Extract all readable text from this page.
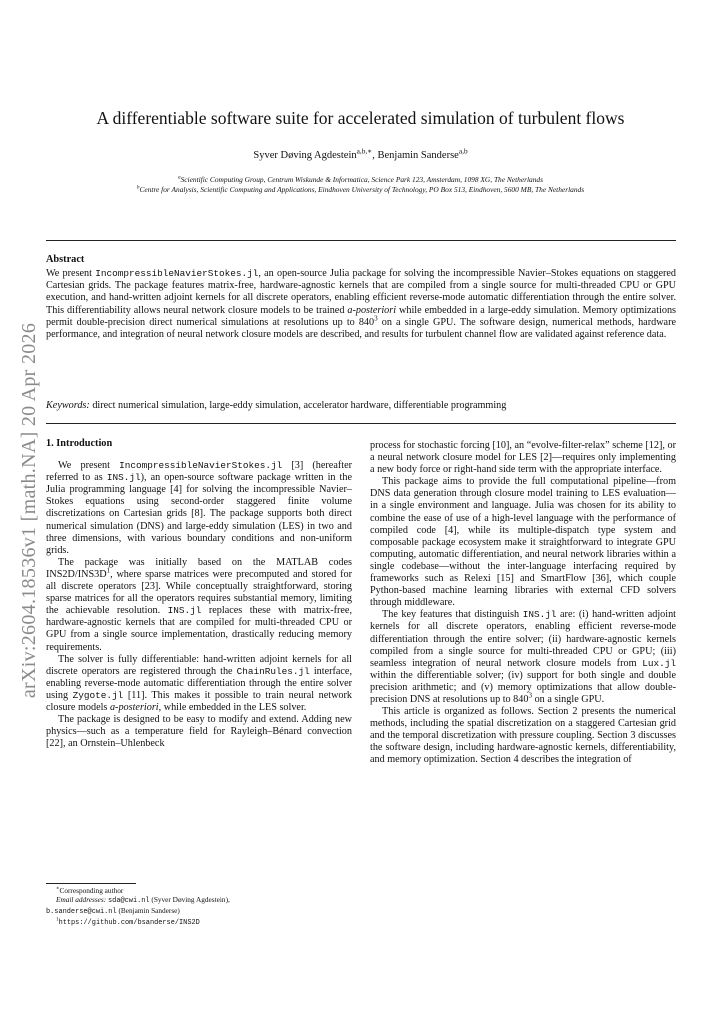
arXiv:2604.18536v1 [math.NA] 20 Apr 2026
A differentiable software suite for accelerated simulation of turbulent flows
Syver Døving Agdestein$^{a,b,∗}$, Benjamin Sanderse$^{a,b}$
$^a$Scientific Computing Group, Centrum Wiskunde & Informatica, Science Park 123, Amsterdam, 1098 XG, The Netherlands
$^b$Centre for Analysis, Scientific Computing and Applications, Eindhoven University of Technology, PO Box 513, Eindhoven, 5600 MB, The Netherlands
Abstract

We present IncompressibleNavierStokes.jl, an open-source Julia package for solving the incompressible Navier–Stokes equations on staggered Cartesian grids. The package features matrix-free, hardware-agnostic kernels that are compiled from a single source for multi-threaded CPU or GPU execution, and hand-written adjoint kernels for all discrete operators, enabling efficient reverse-mode automatic differentiation through the entire solver. This differentiability allows neural network closure models to be trained a-posteriori while embedded in a large-eddy simulation. Memory optimizations permit double-precision direct numerical simulations at resolutions up to $840^3$ on a single GPU. The software design, numerical methods, hardware performance, and integration of neural network closure models are described, and results for turbulent channel flow are validated against reference data.

Keywords: direct numerical simulation, large-eddy simulation, accelerator hardware, differentiable programming
1. Introduction

We present IncompressibleNavierStokes.jl [3] (hereafter referred to as INS.jl), an open-source software package written in the Julia programming language [4] for solving the incompressible Navier–Stokes equations using second-order staggered finite volume discretizations on Cartesian grids [8]. The package supports both direct numerical simulation (DNS) and large-eddy simulation (LES) in two and three dimensions, with various boundary conditions and non-uniform grids.

The package was initially based on the MATLAB codes $INS2D/INS3D^1$, where sparse matrices were precomputed and stored for all discrete operators [23]. While conceptually straightforward, storing sparse matrices for all the operators requires substantial memory, limiting the achievable resolution. INS.jl replaces these with matrix-free, hardware-agnostic kernels that are compiled for multi-threaded CPU or GPU from a single source implementation, drastically reducing memory requirements.

The solver is fully differentiable: hand-written adjoint kernels for all discrete operators are registered through the ChainRules.jl interface, enabling reverse-mode automatic differentiation through the entire solver using Zygote.jl [11]. This makes it possible to train neural network closure models a-posteriori, while embedded in the LES solver.

The package is designed to be easy to modify and extend. Adding new physics—such as a temperature field for Rayleigh–Bénard convection [22], an Ornstein–Uhlenbeck

process for stochastic forcing [10], an “evolve-filter-relax” scheme [12], or a neural network closure model for LES [2]—requires only implementing a new body force or right-hand side term with the appropriate interface.

This package aims to provide the full computational pipeline—from DNS data generation through closure model training to LES evaluation—in a single environment and language. Julia was chosen for its ability to combine the ease of use of a high-level language with the performance of compiled code [4], while its multiple-dispatch type system and composable package ecosystem make it straightforward to integrate GPU computing, automatic differentiation, and neural network libraries within a single codebase—without the inter-language interfacing required by frameworks such as Relexi [15] and SmartFlow [36], which couple Python-based machine learning libraries with external CFD solvers through middleware.

The key features that distinguish INS.jl are: (i) hand-written adjoint kernels for all discrete operators, enabling efficient reverse-mode differentiation through the entire solver; (ii) hardware-agnostic kernels compiled from a single source for multi-threaded CPU or GPU; (iii) seamless integration of neural network closure models from Lux.jl within the differentiable solver; (iv) support for both single and double precision arithmetic; and (v) memory optimizations that allow double-precision DNS at resolutions up to $840^3$ on a single GPU.

This article is organized as follows. Section 2 presents the numerical methods, including the spatial discretization on a staggered Cartesian grid and the temporal discretization with pressure coupling. Section 3 discusses the software design, including hardware-agnostic kernels, differentiability, and memory optimization. Section 4 describes the integration of

∗Corresponding author
Email addresses: sda@cwi.nl (Syver Døving Agdestein),
b.sanderse@cwi.nl (Benjamin Sanderse)
$^1$https://github.com/bsanderse/INS2D
